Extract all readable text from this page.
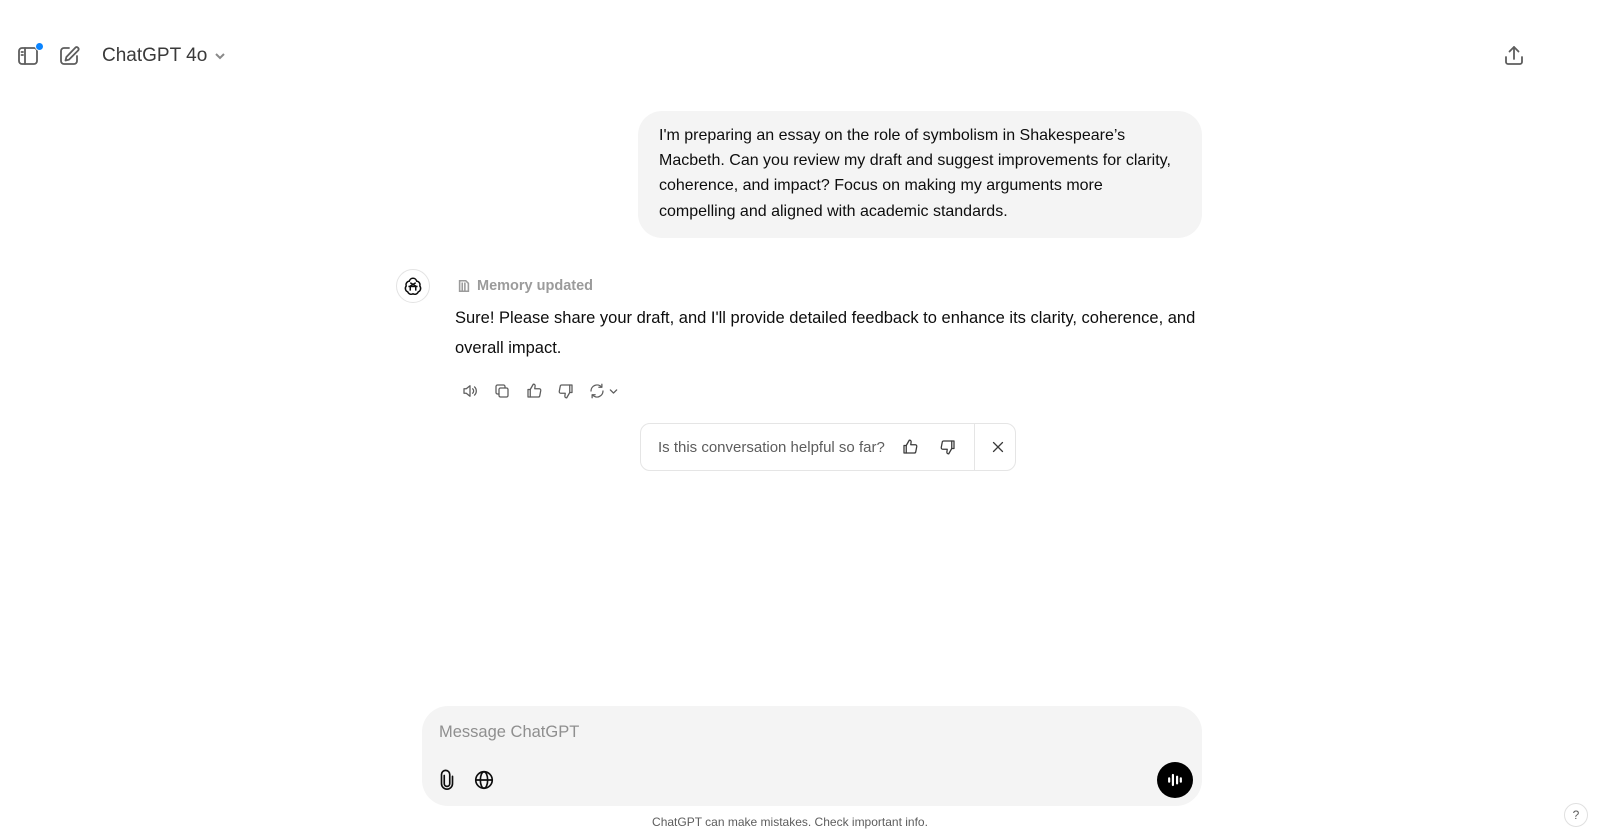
ChatGPT 4o
I'm preparing an essay on the role of symbolism in Shakespeare’s Macbeth. Can you review my draft and suggest improvements for clarity, coherence, and impact? Focus on making my arguments more compelling and aligned with academic standards.
Memory updated
Sure! Please share your draft, and I'll provide detailed feedback to enhance its clarity, coherence, and overall impact.
Is this conversation helpful so far?
Message ChatGPT
ChatGPT can make mistakes. Check important info.	?
